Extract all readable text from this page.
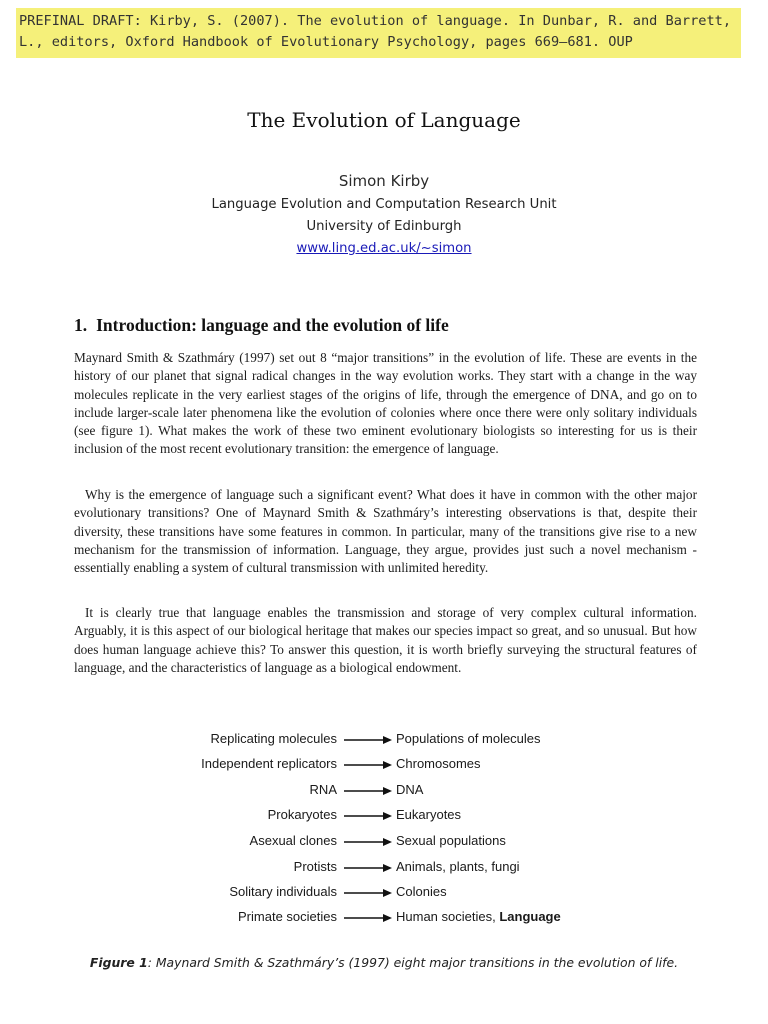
PREFINAL DRAFT: Kirby, S. (2007). The evolution of language. In Dunbar, R. and Barrett,
L., editors, Oxford Handbook of Evolutionary Psychology, pages 669–681. OUP
The Evolution of Language
Simon Kirby
Language Evolution and Computation Research Unit
University of Edinburgh
www.ling.ed.ac.uk/~simon
1. Introduction: language and the evolution of life

Maynard Smith & Szathmáry (1997) set out 8 “major transitions” in the evolution of life. These are events in the history of our planet that signal radical changes in the way evolution works. They start with a change in the way molecules replicate in the very earliest stages of the origins of life, through the emergence of DNA, and go on to include larger-scale later phenomena like the evolution of colonies where once there were only solitary individuals (see figure 1). What makes the work of these two eminent evolutionary biologists so interesting for us is their inclusion of the most recent evolutionary transition: the emergence of language.

Why is the emergence of language such a significant event? What does it have in common with the other major evolutionary transitions? One of Maynard Smith & Szathmáry’s interesting observations is that, despite their diversity, these transitions have some features in common. In particular, many of the transitions give rise to a new mechanism for the transmission of information. Language, they argue, provides just such a novel mechanism - essentially enabling a system of cultural transmission with unlimited heredity.

It is clearly true that language enables the transmission and storage of very complex cultural information. Arguably, it is this aspect of our biological heritage that makes our species impact so great, and so unusual. But how does human language achieve this? To answer this question, it is worth briefly surveying the structural features of language, and the characteristics of language as a biological endowment.

Replicating molecules	Populations of molecules
Independent replicators	Chromosomes
RNA	DNA
Prokaryotes	Eukaryotes
Asexual clones	Sexual populations
Protists	Animals, plants, fungi
Solitary individuals	Colonies
Primate societies	Human societies, Language
Figure 1: Maynard Smith & Szathmáry’s (1997) eight major transitions in the evolution of life.
